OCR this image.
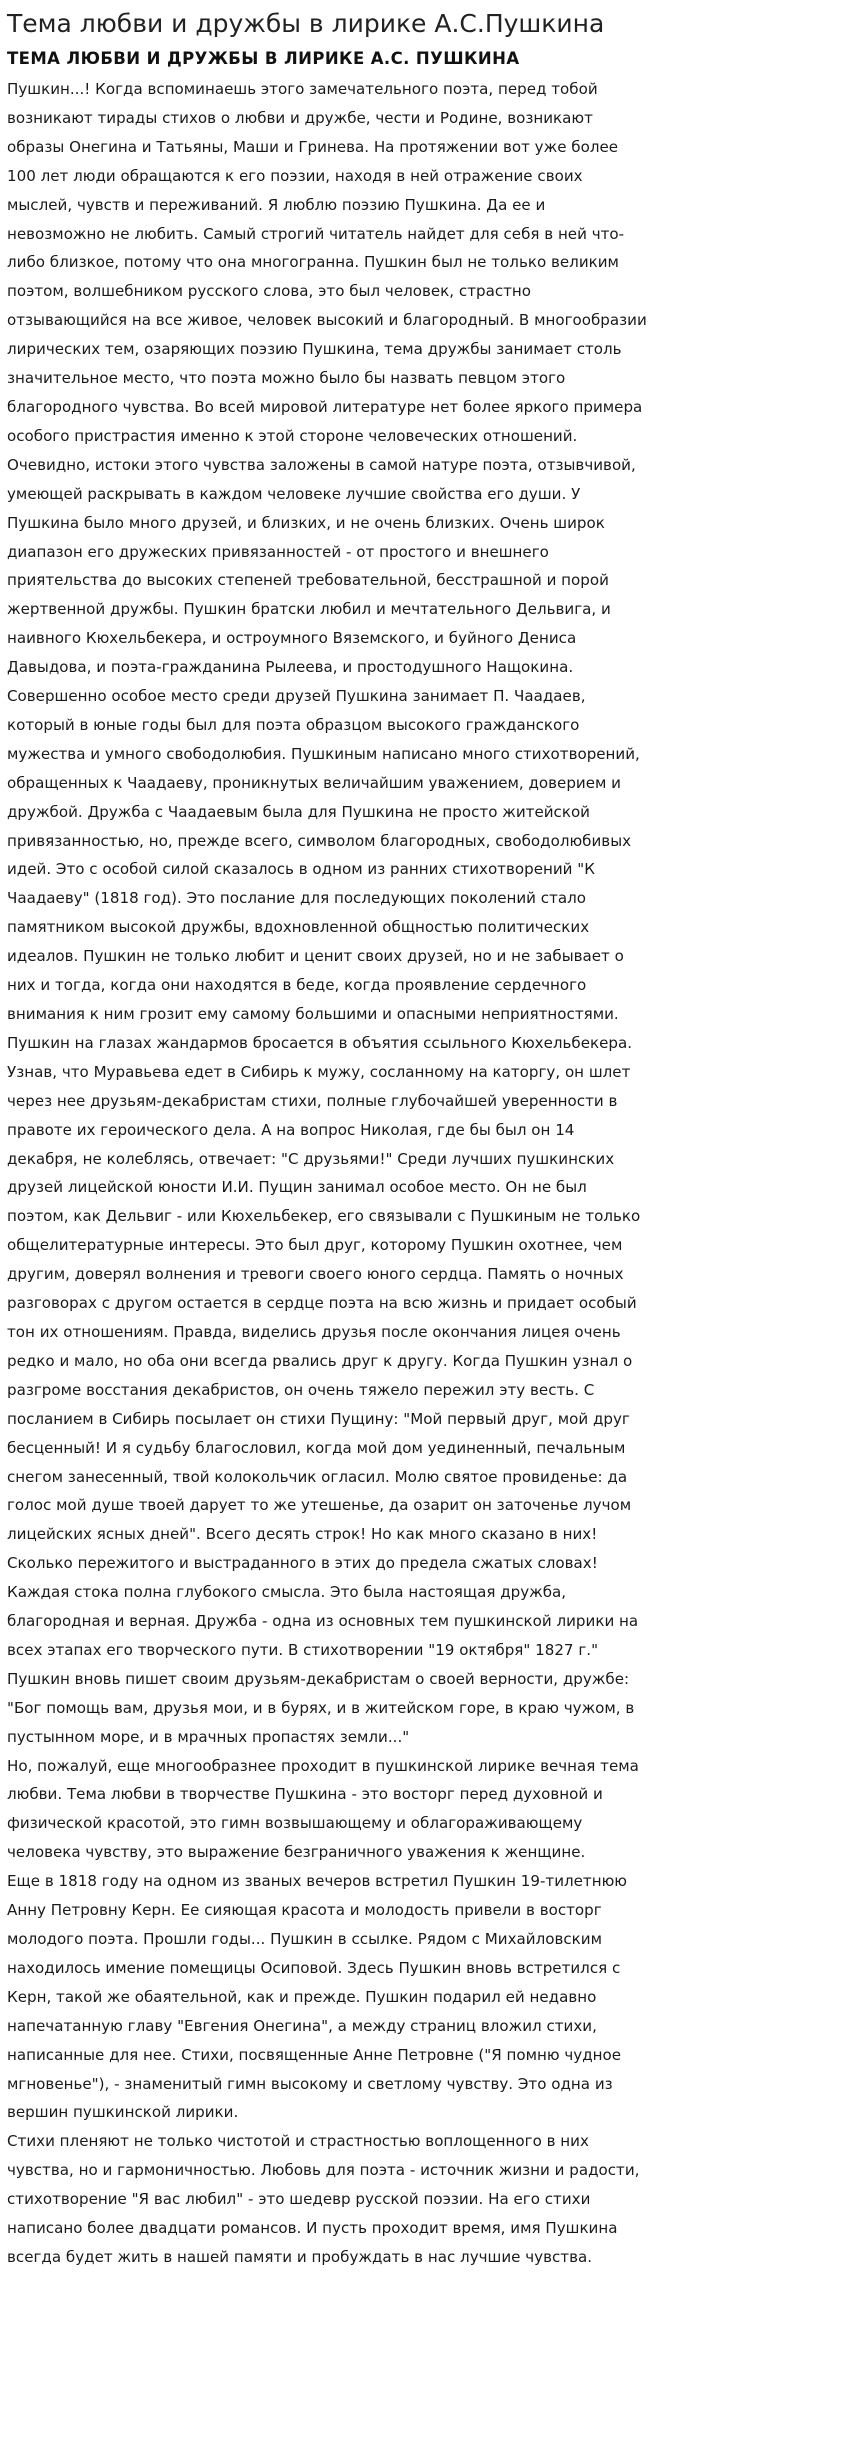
Тема любви и дружбы в лирике А.С.Пушкина
ТЕМА ЛЮБВИ И ДРУЖБЫ В ЛИРИКЕ А.С. ПУШКИНА

Пушкин...! Когда вспоминаешь этого замечательного поэта, перед тобой возникают тирады стихов о любви и дружбе, чести и Родине, возникают образы Онегина и Татьяны, Маши и Гринева. На протяжении вот уже более 100 лет люди обращаются к его поэзии, находя в ней отражение своих мыслей, чувств и переживаний. Я люблю поэзию Пушкина. Да ее и невозможно не любить. Самый строгий читатель найдет для себя в ней что-либо близкое, потому что она многогранна. Пушкин был не только великим поэтом, волшебником русского слова, это был человек, страстно отзывающийся на все живое, человек высокий и благородный. В многообразии лирических тем, озаряющих поэзию Пушкина, тема дружбы занимает столь значительное место, что поэта можно было бы назвать певцом этого благородного чувства. Во всей мировой литературе нет более яркого примера особого пристрастия именно к этой стороне человеческих отношений. Очевидно, истоки этого чувства заложены в самой натуре поэта, отзывчивой, умеющей раскрывать в каждом человеке лучшие свойства его души. У Пушкина было много друзей, и близких, и не очень близких. Очень широк диапазон его дружеских привязанностей - от простого и внешнего приятельства до высоких степеней требовательной, бесстрашной и порой жертвенной дружбы. Пушкин братски любил и мечтательного Дельвига, и наивного Кюхельбекера, и остроумного Вяземского, и буйного Дениса Давыдова, и поэта-гражданина Рылеева, и простодушного Нащокина. Совершенно особое место среди друзей Пушкина занимает П. Чаадаев, который в юные годы был для поэта образцом высокого гражданского мужества и умного свободолюбия. Пушкиным написано много стихотворений, обращенных к Чаадаеву, проникнутых величайшим уважением, доверием и дружбой. Дружба с Чаадаевым была для Пушкина не просто житейской привязанностью, но, прежде всего, символом благородных, свободолюбивых идей. Это с особой силой сказалось в одном из ранних стихотворений "К Чаадаеву" (1818 год). Это послание для последующих поколений стало памятником высокой дружбы, вдохновленной общностью политических идеалов. Пушкин не только любит и ценит своих друзей, но и не забывает о них и тогда, когда они находятся в беде, когда проявление сердечного внимания к ним грозит ему самому большими и опасными неприятностями. Пушкин на глазах жандармов бросается в объятия ссыльного Кюхельбекера. Узнав, что Муравьева едет в Сибирь к мужу, сосланному на каторгу, он шлет через нее друзьям-декабристам стихи, полные глубочайшей уверенности в правоте их героического дела. А на вопрос Николая, где бы был он 14 декабря, не колеблясь, отвечает: "С друзьями!" Среди лучших пушкинских друзей лицейской юности И.И. Пущин занимал особое место. Он не был поэтом, как Дельвиг - или Кюхельбекер, его связывали с Пушкиным не только общелитературные интересы. Это был друг, которому Пушкин охотнее, чем другим, доверял волнения и тревоги своего юного сердца. Память о ночных разговорах с другом остается в сердце поэта на всю жизнь и придает особый тон их отношениям. Правда, виделись друзья после окончания лицея очень редко и мало, но оба они всегда рвались друг к другу. Когда Пушкин узнал о разгроме восстания декабристов, он очень тяжело пережил эту весть. С посланием в Сибирь посылает он стихи Пущину: "Мой первый друг, мой друг бесценный! И я судьбу благословил, когда мой дом уединенный, печальным снегом занесенный, твой колокольчик огласил. Молю святое провиденье: да голос мой душе твоей дарует то же утешенье, да озарит он заточенье лучом лицейских ясных дней". Всего десять строк! Но как много сказано в них! Сколько пережитого и выстраданного в этих до предела сжатых словах! Каждая стока полна глубокого смысла. Это была настоящая дружба, благородная и верная. Дружба - одна из основных тем пушкинской лирики на всех этапах его творческого пути. В стихотворении "19 октября" 1827 г." Пушкин вновь пишет своим друзьям-декабристам о своей верности, дружбе: "Бог помощь вам, друзья мои, и в бурях, и в житейском горе, в краю чужом, в пустынном море, и в мрачных пропастях земли..."

Но, пожалуй, еще многообразнее проходит в пушкинской лирике вечная тема любви. Тема любви в творчестве Пушкина - это восторг перед духовной и физической красотой, это гимн возвышающему и облагораживающему человека чувству, это выражение безграничного уважения к женщине.

Еще в 1818 году на одном из званых вечеров встретил Пушкин 19-тилетнюю Анну Петровну Керн. Ее сияющая красота и молодость привели в восторг молодого поэта. Прошли годы... Пушкин в ссылке. Рядом с Михайловским находилось имение помещицы Осиповой. Здесь Пушкин вновь встретился с Керн, такой же обаятельной, как и прежде. Пушкин подарил ей недавно напечатанную главу "Евгения Онегина", а между страниц вложил стихи, написанные для нее. Стихи, посвященные Анне Петровне ("Я помню чудное мгновенье"), - знаменитый гимн высокому и светлому чувству. Это одна из вершин пушкинской лирики.

Стихи пленяют не только чистотой и страстностью воплощенного в них чувства, но и гармоничностью. Любовь для поэта - источник жизни и радости, стихотворение "Я вас любил" - это шедевр русской поэзии. На его стихи написано более двадцати романсов. И пусть проходит время, имя Пушкина всегда будет жить в нашей памяти и пробуждать в нас лучшие чувства.
